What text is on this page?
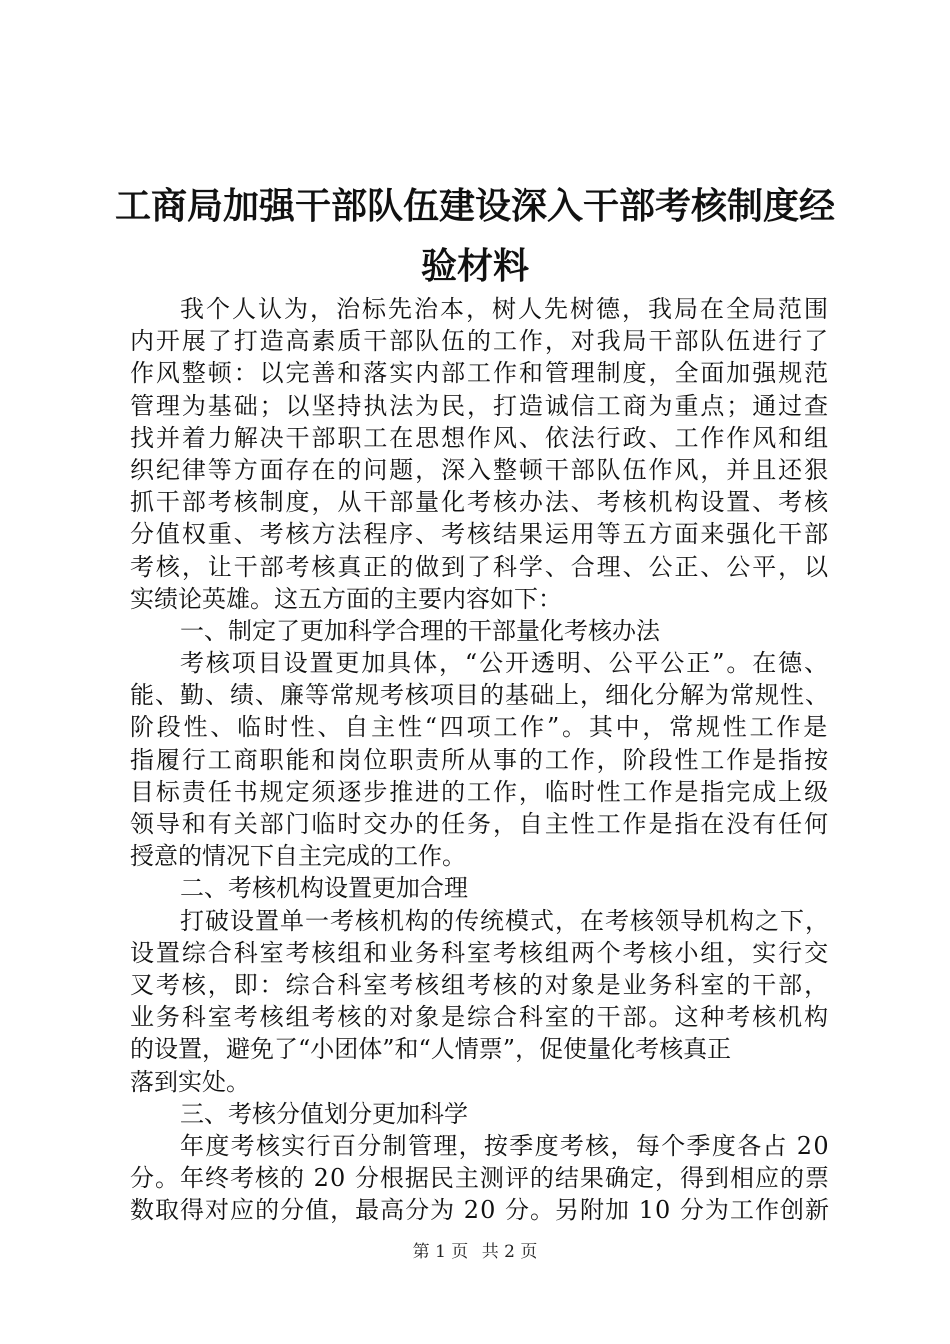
工商局加强干部队伍建设深入干部考核制度经
验材料
我个人认为，治标先治本，树人先树德，我局在全局范围
内开展了打造高素质干部队伍的工作，对我局干部队伍进行了
作风整顿：以完善和落实内部工作和管理制度，全面加强规范
管理为基础；以坚持执法为民，打造诚信工商为重点；通过查
找并着力解决干部职工在思想作风、依法行政、工作作风和组
织纪律等方面存在的问题，深入整顿干部队伍作风，并且还狠
抓干部考核制度，从干部量化考核办法、考核机构设置、考核
分值权重、考核方法程序、考核结果运用等五方面来强化干部
考核，让干部考核真正的做到了科学、合理、公正、公平，以
实绩论英雄。这五方面的主要内容如下：
一、制定了更加科学合理的干部量化考核办法
考核项目设置更加具体，“公开透明、公平公正”。在德、
能、勤、绩、廉等常规考核项目的基础上，细化分解为常规性、
阶段性、临时性、自主性“四项工作”。其中，常规性工作是
指履行工商职能和岗位职责所从事的工作，阶段性工作是指按
目标责任书规定须逐步推进的工作，临时性工作是指完成上级
领导和有关部门临时交办的任务，自主性工作是指在没有任何
授意的情况下自主完成的工作。
二、考核机构设置更加合理
打破设置单一考核机构的传统模式，在考核领导机构之下，
设置综合科室考核组和业务科室考核组两个考核小组，实行交
叉考核，即：综合科室考核组考核的对象是业务科室的干部，
业务科室考核组考核的对象是综合科室的干部。这种考核机构
的设置，避免了“小团体”和“人情票”，促使量化考核真正
落到实处。
三、考核分值划分更加科学
年度考核实行百分制管理，按季度考核，每个季度各占 20
分。年终考核的 20 分根据民主测评的结果确定，得到相应的票
数取得对应的分值，最高分为 20 分。另附加 10 分为工作创新
第 1 页 共 2 页
